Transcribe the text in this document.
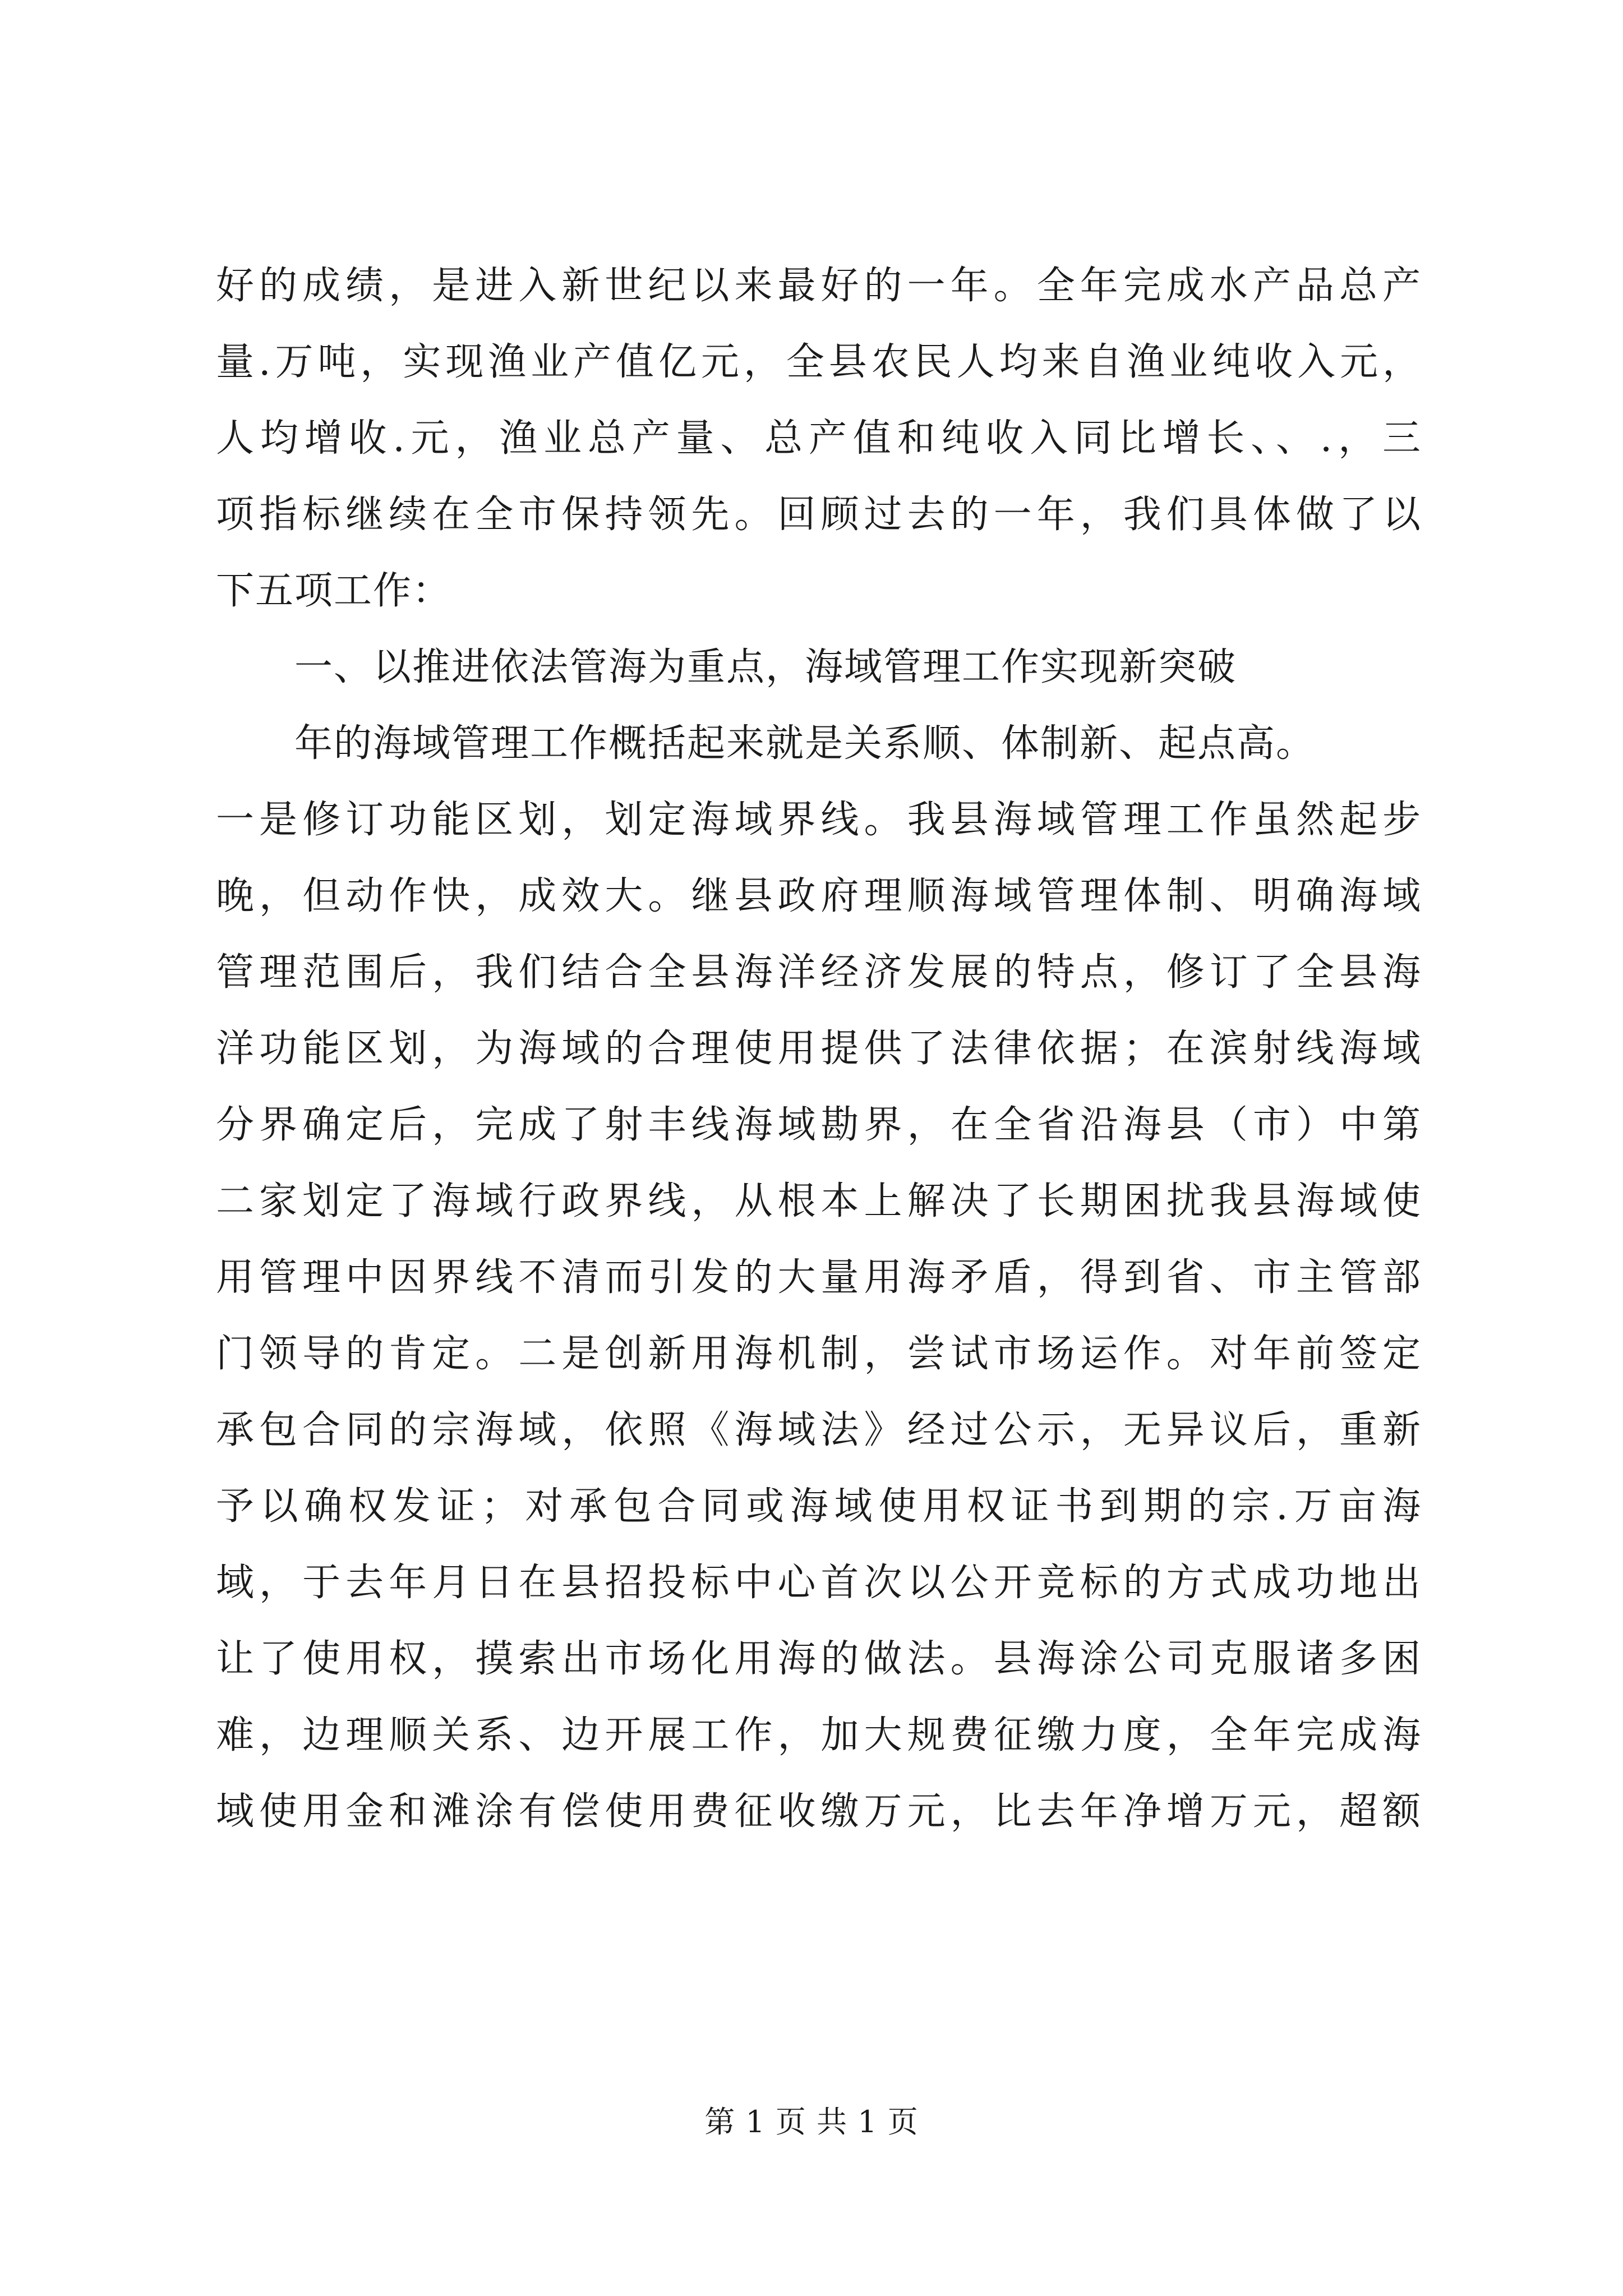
好的成绩，是进入新世纪以来最好的一年。全年完成水产品总产
量.万吨，实现渔业产值亿元，全县农民人均来自渔业纯收入元，
人均增收.元，渔业总产量、总产值和纯收入同比增长、、.，三
项指标继续在全市保持领先。回顾过去的一年，我们具体做了以
下五项工作：
一、以推进依法管海为重点，海域管理工作实现新突破
年的海域管理工作概括起来就是关系顺、体制新、起点高。
一是修订功能区划，划定海域界线。我县海域管理工作虽然起步
晚，但动作快，成效大。继县政府理顺海域管理体制、明确海域
管理范围后，我们结合全县海洋经济发展的特点，修订了全县海
洋功能区划，为海域的合理使用提供了法律依据；在滨射线海域
分界确定后，完成了射丰线海域勘界，在全省沿海县（市）中第
二家划定了海域行政界线，从根本上解决了长期困扰我县海域使
用管理中因界线不清而引发的大量用海矛盾，得到省、市主管部
门领导的肯定。二是创新用海机制，尝试市场运作。对年前签定
承包合同的宗海域，依照《海域法》经过公示，无异议后，重新
予以确权发证；对承包合同或海域使用权证书到期的宗.万亩海
域，于去年月日在县招投标中心首次以公开竞标的方式成功地出
让了使用权，摸索出市场化用海的做法。县海涂公司克服诸多困
难，边理顺关系、边开展工作，加大规费征缴力度，全年完成海
域使用金和滩涂有偿使用费征收缴万元，比去年净增万元，超额
第 1 页 共 1 页
